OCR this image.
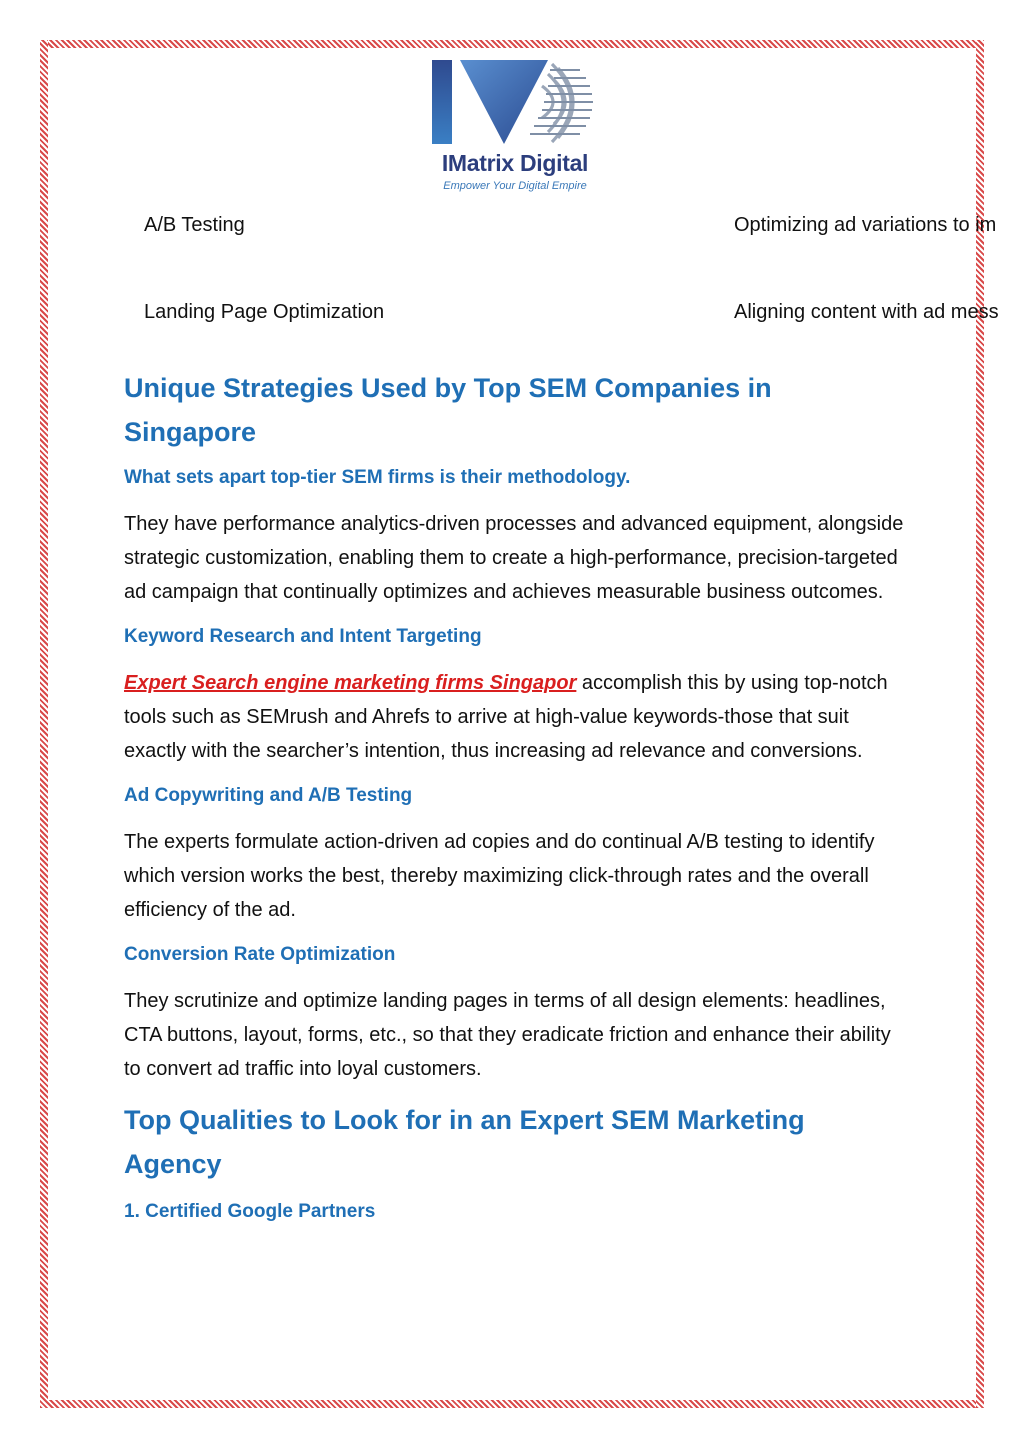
IMatrix Digital
Empower Your Digital Empire
A/B Testing	Optimizing ad variations to im
Landing Page Optimization	Aligning content with ad mess
Unique Strategies Used by Top SEM Companies in Singapore
What sets apart top-tier SEM firms is their methodology.

They have performance analytics-driven processes and advanced equipment, alongside strategic customization, enabling them to create a high-performance, precision-targeted ad campaign that continually optimizes and achieves measurable business outcomes.

Keyword Research and Intent Targeting

Expert Search engine marketing firms Singapor accomplish this by using top-notch tools such as SEMrush and Ahrefs to arrive at high-value keywords-those that suit exactly with the searcher’s intention, thus increasing ad relevance and conversions.

Ad Copywriting and A/B Testing

The experts formulate action-driven ad copies and do continual A/B testing to identify which version works the best, thereby maximizing click-through rates and the overall efficiency of the ad.

Conversion Rate Optimization

They scrutinize and optimize landing pages in terms of all design elements: headlines, CTA buttons, layout, forms, etc., so that they eradicate friction and enhance their ability to convert ad traffic into loyal customers.

Top Qualities to Look for in an Expert SEM Marketing Agency
1. Certified Google Partners
